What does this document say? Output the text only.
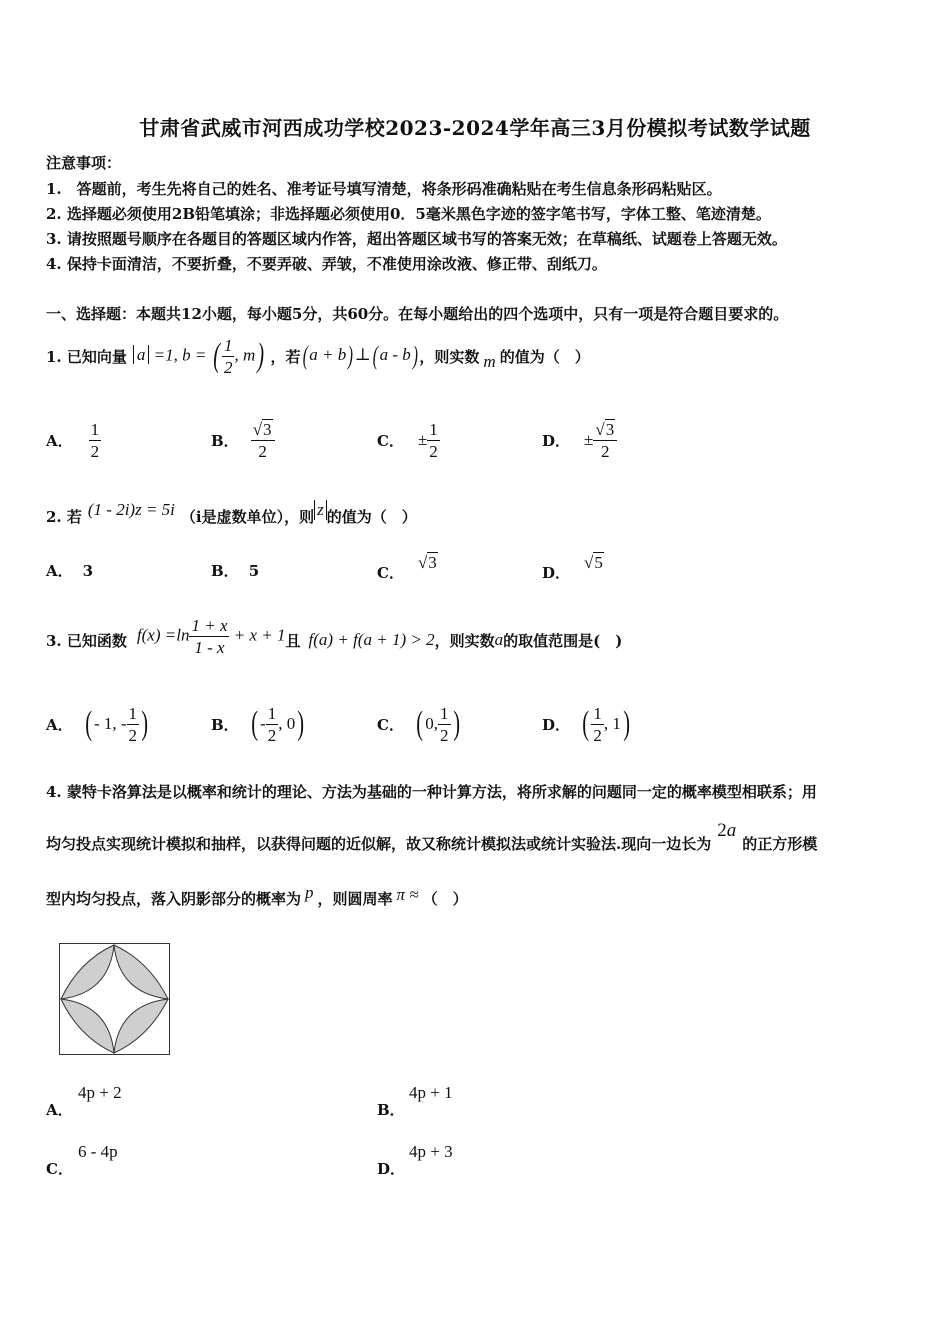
甘肃省武威市河西成功学校2023-2024学年高三3月份模拟考试数学试题
注意事项：
1.　答题前，考生先将自己的姓名、准考证号填写清楚，将条形码准确粘贴在考生信息条形码粘贴区。
2. 选择题必须使用2B铅笔填涂；非选择题必须使用0．5毫米黑色字迹的签字笔书写，字体工整、笔迹清楚。
3. 请按照题号顺序在各题目的答题区域内作答，超出答题区域书写的答案无效；在草稿纸、试题卷上答题无效。
4. 保持卡面清洁，不要折叠，不要弄破、弄皱，不准使用涂改液、修正带、刮纸刀。
一、选择题：本题共12小题，每小题5分，共60分。在每小题给出的四个选项中，只有一项是符合题目要求的。
1. 已知向量 a =1, b = ( $\frac{1}{2}$ , m) ，若 ( a + b) ⊥( a - b) ，则实数 m 的值为（　）
A． $\frac{1}{2}$	B． $\frac{√3}{2}$	C． ± $\frac{1}{2}$	D． ± $\frac{√3}{2}$
2. 若 (1 - 2i)z = 5i （i是虚数单位），则 z 的值为（　）
A． 3	B． 5	C．
√3
D．
√5
3. 已知函数 $f(x) =\ln \frac{1 + x}{1 - x} + x + 1$ 且 f(a) + f(a + 1) > 2 ，则实数 a 的取值范围是(　)
A． ( - 1, - $\frac{1}{2}$ )	B． ( - $\frac{1}{2}$ , 0 )	C． ( 0, $\frac{1}{2}$ )	D． ( $\frac{1}{2}$ , 1 )
4. 蒙特卡洛算法是以概率和统计的理论、方法为基础的一种计算方法，将所求解的问题同一定的概率模型相联系；用
均匀投点实现统计模拟和抽样，以获得问题的近似解，故又称统计模拟法或统计实验法.现向一边长为
2a
的正方形模
型内均匀投点，落入阴影部分的概率为 p ，则圆周率 π ≈ （　）
A．
4p + 2
B．
4p + 1
C．
6 - 4p
D．
4p + 3
